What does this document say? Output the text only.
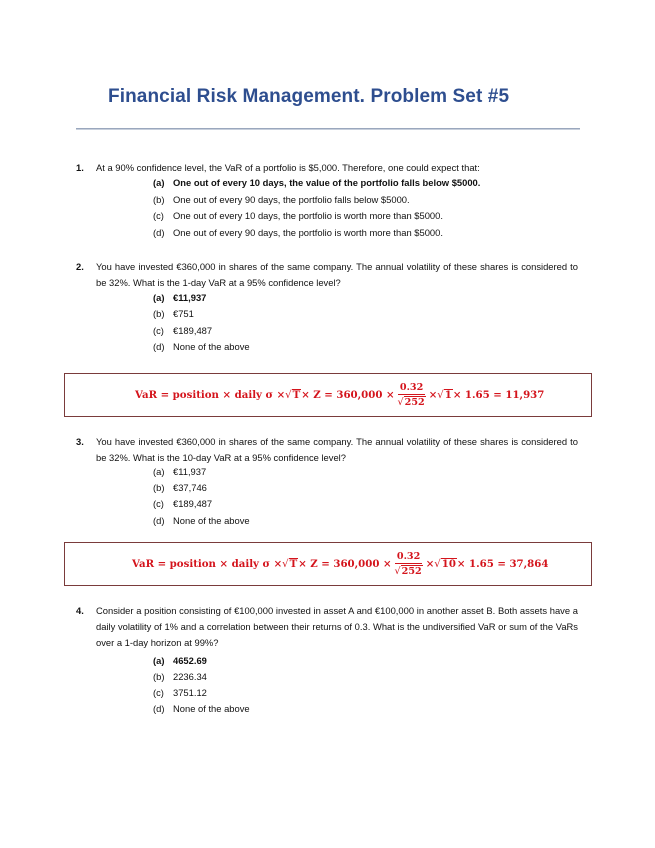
Financial Risk Management. Problem Set #5
1. At a 90% confidence level, the VaR of a portfolio is $5,000. Therefore, one could expect that:
(a) One out of every 10 days, the value of the portfolio falls below $5000.
(b) One out of every 90 days, the portfolio falls below $5000.
(c) One out of every 10 days, the portfolio is worth more than $5000.
(d) One out of every 90 days, the portfolio is worth more than $5000.
2. You have invested €360,000 in shares of the same company. The annual volatility of these shares is considered to be 32%. What is the 1-day VaR at a 95% confidence level?
(a) €11,937
(b) €751
(c) €189,487
(d) None of the above
VaR = position × daily σ × √ $T \times Z = 360,000 \times \frac{0.32}{√ 252}$ × √ 1 × 1.65 = 11,937
3. You have invested €360,000 in shares of the same company. The annual volatility of these shares is considered to be 32%. What is the 10-day VaR at a 95% confidence level?
(a) €11,937
(b) €37,746
(c) €189,487
(d) None of the above
VaR = position × daily σ × √ $T \times Z = 360,000 \times \frac{0.32}{√ 252}$ × √ 10 × 1.65 = 37,864
4. Consider a position consisting of €100,000 invested in asset A and €100,000 in another asset B. Both assets have a daily volatility of 1% and a correlation between their returns of 0.3. What is the undiversified VaR or sum of the VaRs over a 1-day horizon at 99%?
(a) 4652.69
(b) 2236.34
(c) 3751.12
(d) None of the above
